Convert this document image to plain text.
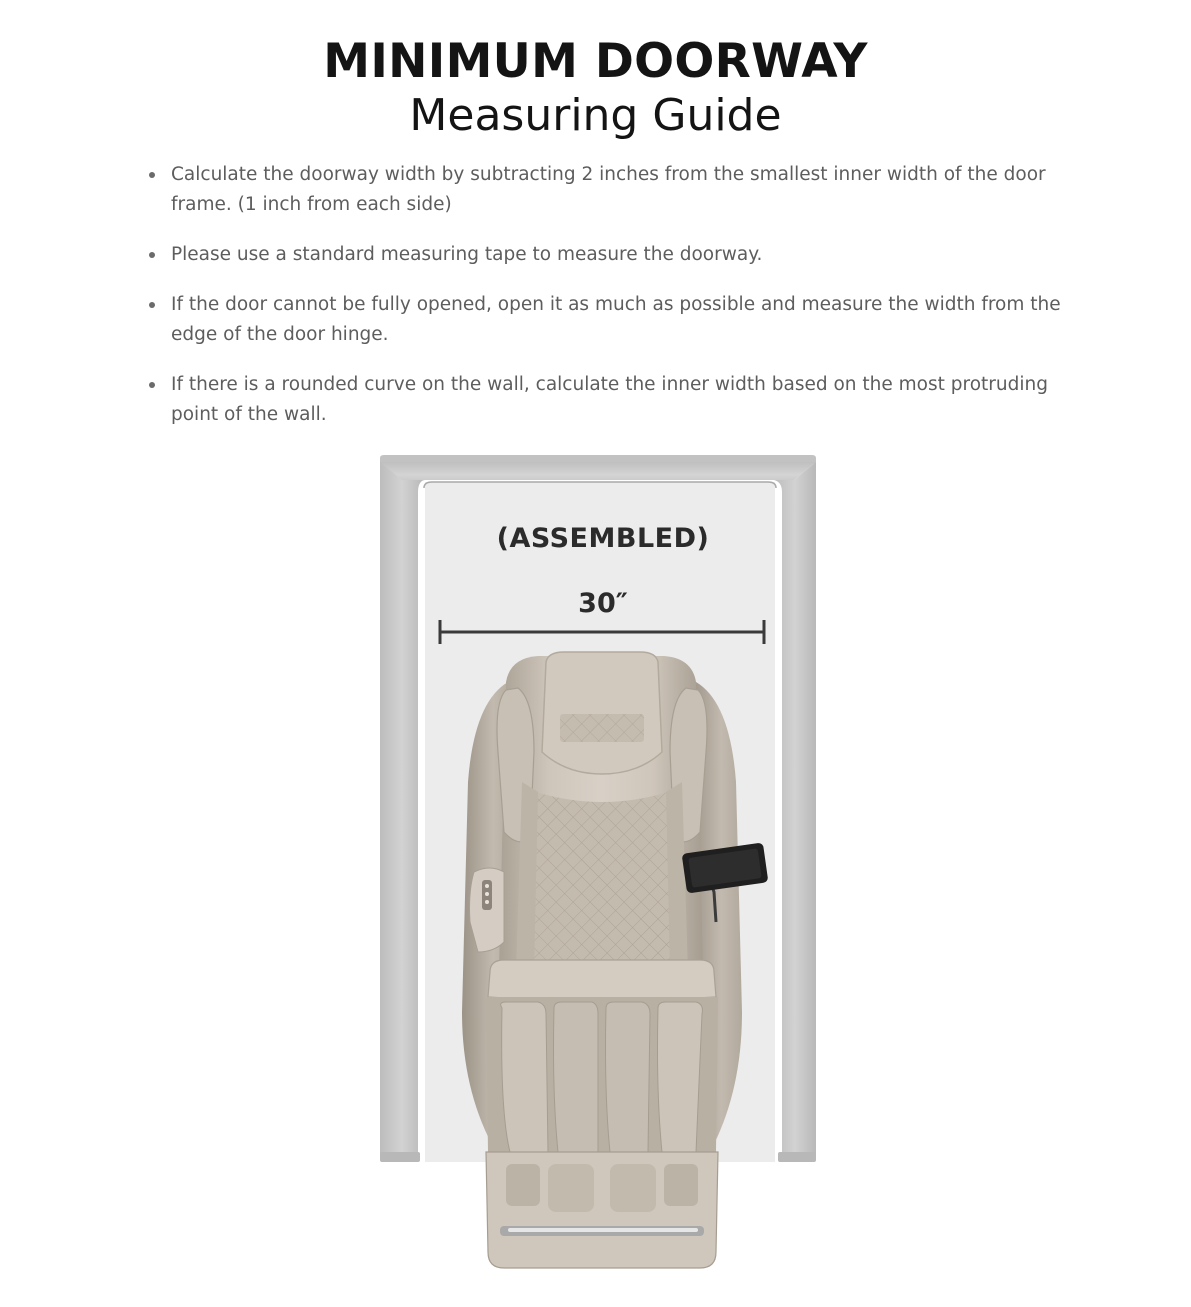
MINIMUM DOORWAY
Measuring Guide
Calculate the doorway width by subtracting 2 inches from the smallest inner width of the door frame. (1 inch from each side)
Please use a standard measuring tape to measure the doorway.
If the door cannot be fully opened, open it as much as possible and measure the width from the edge of the door hinge.
If there is a rounded curve on the wall, calculate the inner width based on the most protruding point of the wall.
(ASSEMBLED)
30″
